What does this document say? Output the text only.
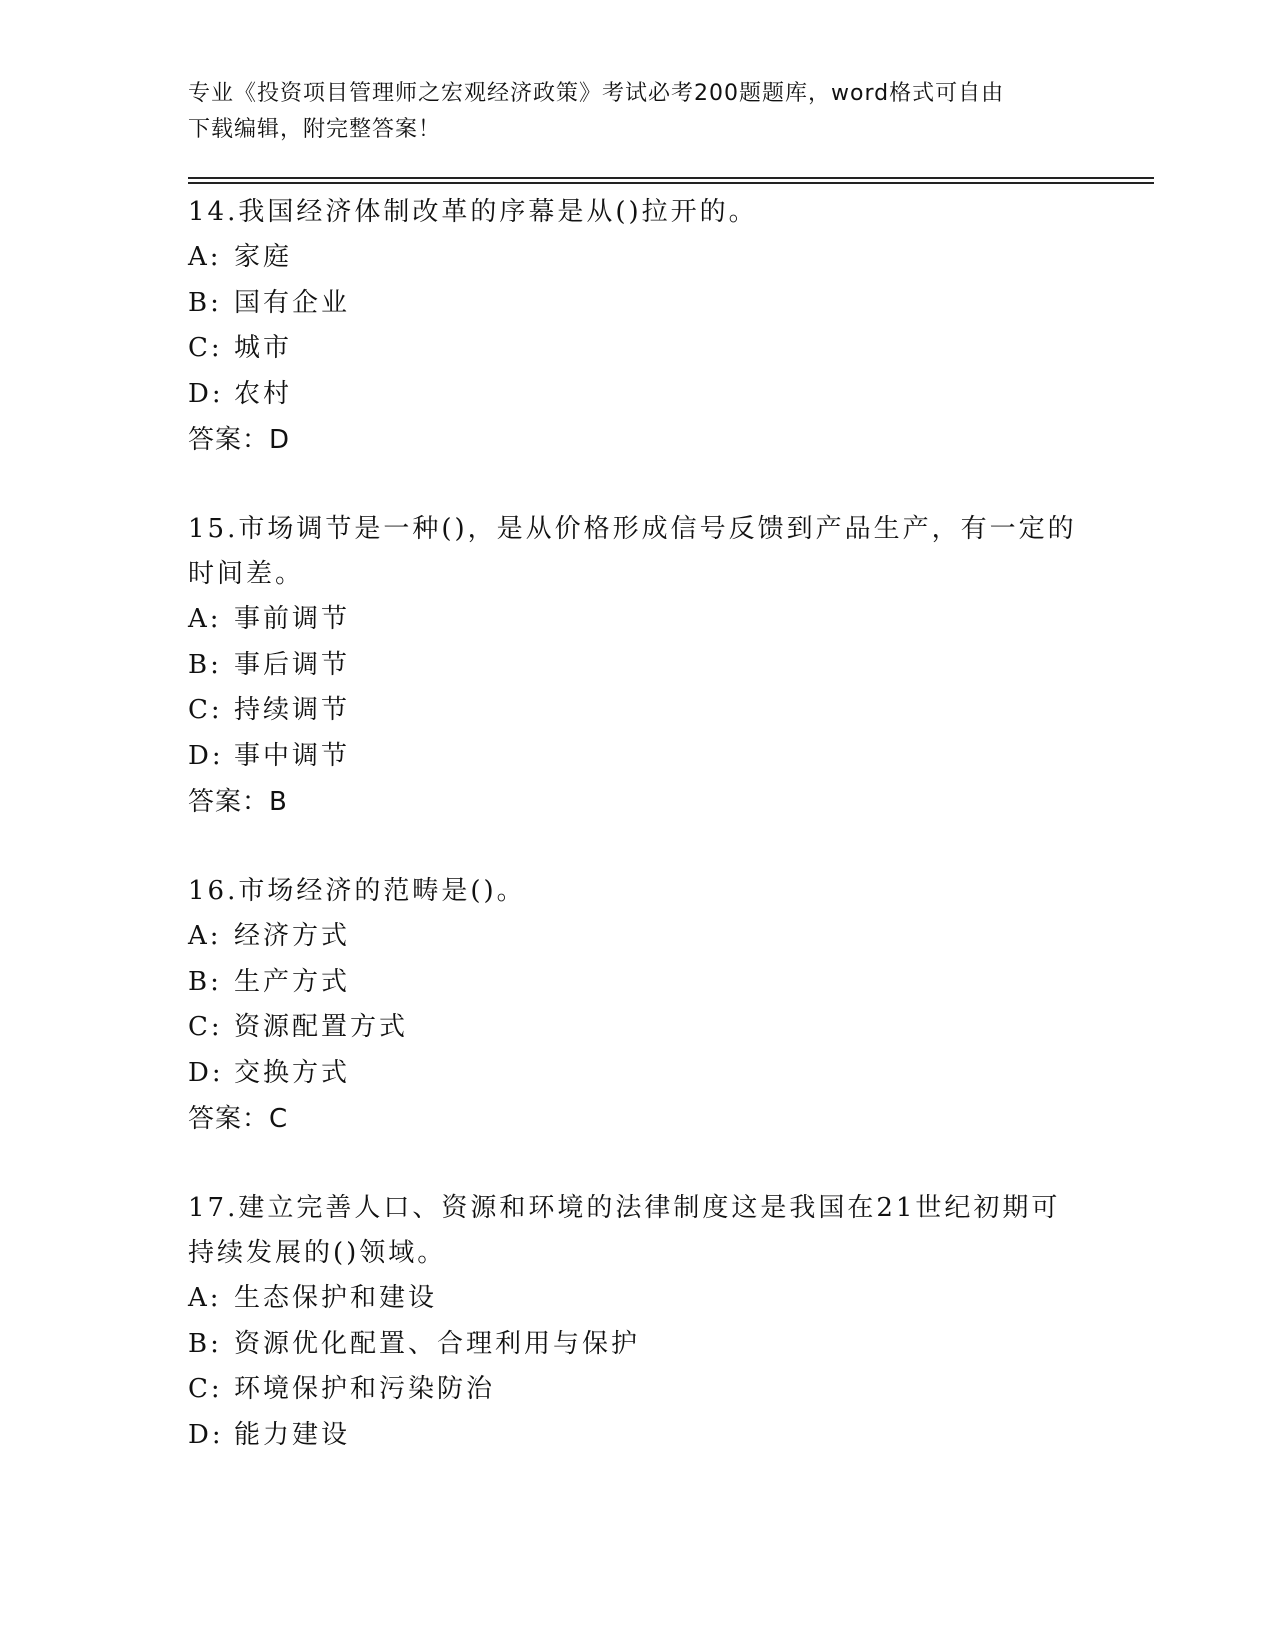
专业《投资项目管理师之宏观经济政策》考试必考200题题库，word格式可自由
下载编辑，附完整答案！
14.我国经济体制改革的序幕是从()拉开的。
A: 家庭
B: 国有企业
C: 城市
D: 农村
答案：D
15.市场调节是一种()，是从价格形成信号反馈到产品生产，有一定的
时间差。
A: 事前调节
B: 事后调节
C: 持续调节
D: 事中调节
答案：B
16.市场经济的范畴是()。
A: 经济方式
B: 生产方式
C: 资源配置方式
D: 交换方式
答案：C
17.建立完善人口、资源和环境的法律制度这是我国在21世纪初期可
持续发展的()领域。
A: 生态保护和建设
B: 资源优化配置、合理利用与保护
C: 环境保护和污染防治
D: 能力建设
